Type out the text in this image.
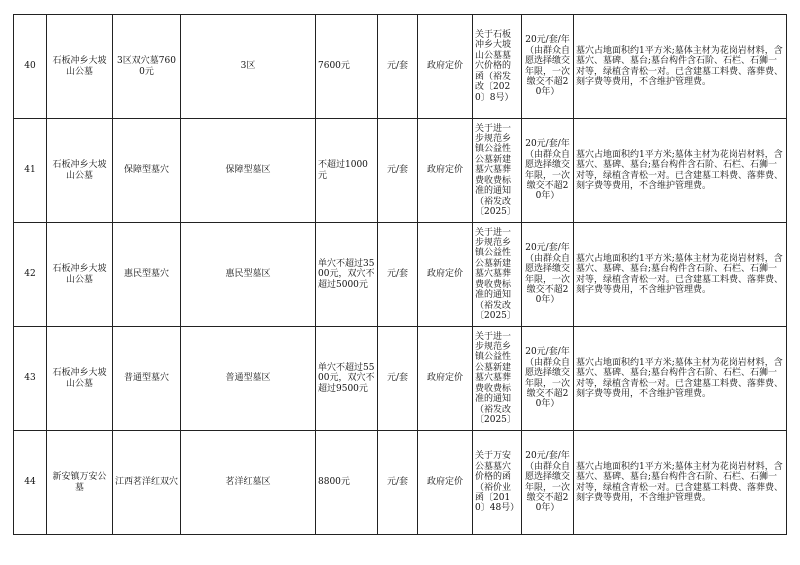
40	石板冲乡大坡山公墓	3区双穴墓7600元	3区	7600元	元/套	政府定价	关于石板冲乡大坡山公墓墓穴价格的函（裕发改〔2020〕8号）	20元/套/年（由群众自愿选择缴交年限，一次缴交不超20年）	墓穴占地面积约1平方米;墓体主材为花岗岩材料，含墓穴、墓碑、墓台;墓台构件含石阶、石栏、石狮一对等，绿植含青松一对。已含建墓工料费、落葬费、刻字费等费用，不含维护管理费。
41	石板冲乡大坡山公墓	保障型墓穴	保障型墓区	不超过1000元	元/套	政府定价	关于进一步规范乡镇公益性公墓新建墓穴墓葬费收费标准的通知（裕发改〔2025〕	20元/套/年（由群众自愿选择缴交年限，一次缴交不超20年）	墓穴占地面积约1平方米;墓体主材为花岗岩材料，含墓穴、墓碑、墓台;墓台构件含石阶、石栏、石狮一对等，绿植含青松一对。已含建墓工料费、落葬费、刻字费等费用，不含维护管理费。
42	石板冲乡大坡山公墓	惠民型墓穴	惠民型墓区	单穴不超过3500元，双穴不超过5000元	元/套	政府定价	关于进一步规范乡镇公益性公墓新建墓穴墓葬费收费标准的通知（裕发改〔2025〕	20元/套/年（由群众自愿选择缴交年限，一次缴交不超20年）	墓穴占地面积约1平方米;墓体主材为花岗岩材料，含墓穴、墓碑、墓台;墓台构件含石阶、石栏、石狮一对等，绿植含青松一对。已含建墓工料费、落葬费、刻字费等费用，不含维护管理费。
43	石板冲乡大坡山公墓	普通型墓穴	普通型墓区	单穴不超过5500元，双穴不超过9500元	元/套	政府定价	关于进一步规范乡镇公益性公墓新建墓穴墓葬费收费标准的通知（裕发改〔2025〕	20元/套/年（由群众自愿选择缴交年限，一次缴交不超20年）	墓穴占地面积约1平方米;墓体主材为花岗岩材料，含墓穴、墓碑、墓台;墓台构件含石阶、石栏、石狮一对等，绿植含青松一对。已含建墓工料费、落葬费、刻字费等费用，不含维护管理费。
44	新安镇万安公墓	江西茗洋红双穴	茗洋红墓区	8800元	元/套	政府定价	关于万安公墓墓穴价格的函（裕价业函〔2010〕48号）	20元/套/年（由群众自愿选择缴交年限，一次缴交不超20年）	墓穴占地面积约1平方米;墓体主材为花岗岩材料，含墓穴、墓碑、墓台;墓台构件含石阶、石栏、石狮一对等，绿植含青松一对。已含建墓工料费、落葬费、刻字费等费用，不含维护管理费。
